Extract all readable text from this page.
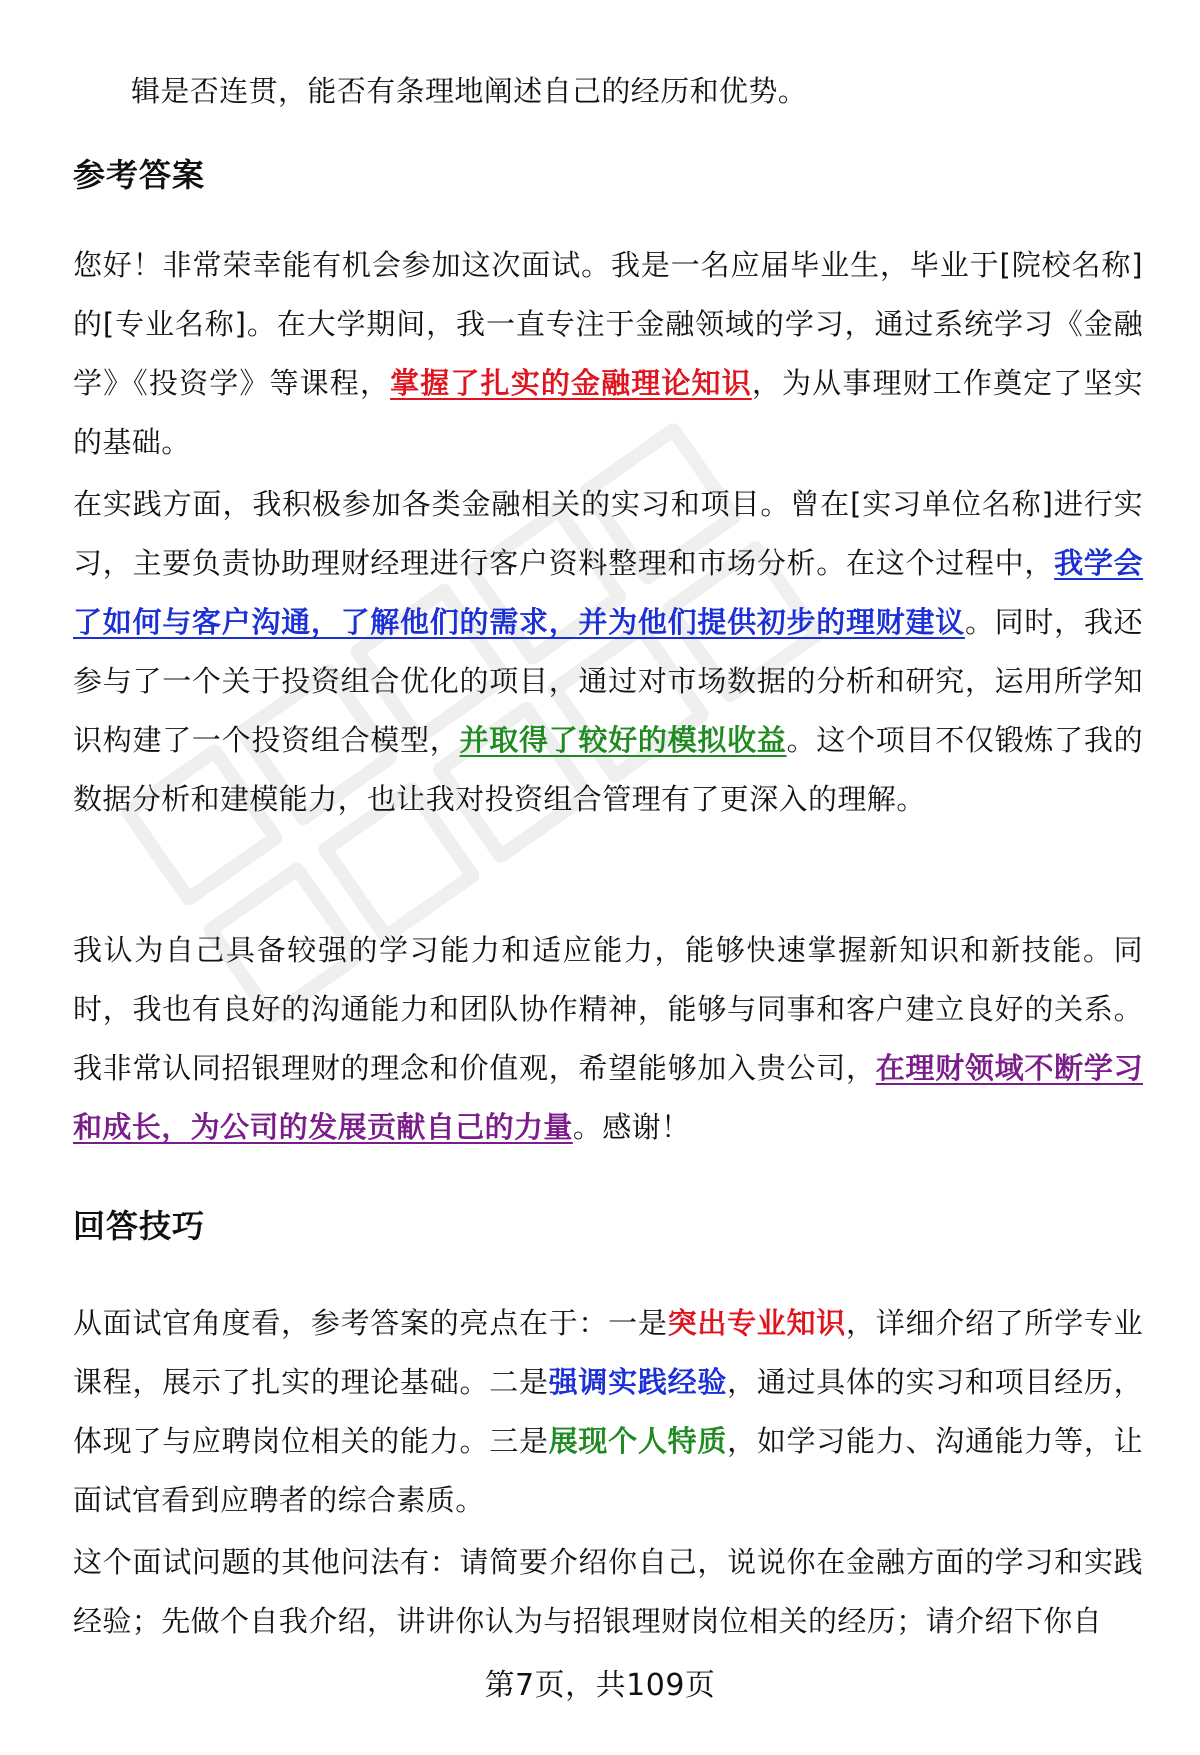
辑是否连贯，能否有条理地阐述自己的经历和优势。

参考答案

您好！非常荣幸能有机会参加这次面试。我是一名应届毕业生，毕业于[院校名称]的[专业名称]。在大学期间，我一直专注于金融领域的学习，通过系统学习《金融学》《投资学》等课程，掌握了扎实的金融理论知识，为从事理财工作奠定了坚实的基础。

在实践方面，我积极参加各类金融相关的实习和项目。曾在[实习单位名称]进行实习，主要负责协助理财经理进行客户资料整理和市场分析。在这个过程中，我学会了如何与客户沟通，了解他们的需求，并为他们提供初步的理财建议。同时，我还参与了一个关于投资组合优化的项目，通过对市场数据的分析和研究，运用所学知识构建了一个投资组合模型，并取得了较好的模拟收益。这个项目不仅锻炼了我的数据分析和建模能力，也让我对投资组合管理有了更深入的理解。

我认为自己具备较强的学习能力和适应能力，能够快速掌握新知识和新技能。同时，我也有良好的沟通能力和团队协作精神，能够与同事和客户建立良好的关系。我非常认同招银理财的理念和价值观，希望能够加入贵公司，在理财领域不断学习和成长，为公司的发展贡献自己的力量。感谢！

回答技巧

从面试官角度看，参考答案的亮点在于：一是突出专业知识，详细介绍了所学专业课程，展示了扎实的理论基础。二是强调实践经验，通过具体的实习和项目经历，体现了与应聘岗位相关的能力。三是展现个人特质，如学习能力、沟通能力等，让面试官看到应聘者的综合素质。

这个面试问题的其他问法有：请简要介绍你自己，说说你在金融方面的学习和实践经验；先做个自我介绍，讲讲你认为与招银理财岗位相关的经历；请介绍下你自

第7页，共109页
